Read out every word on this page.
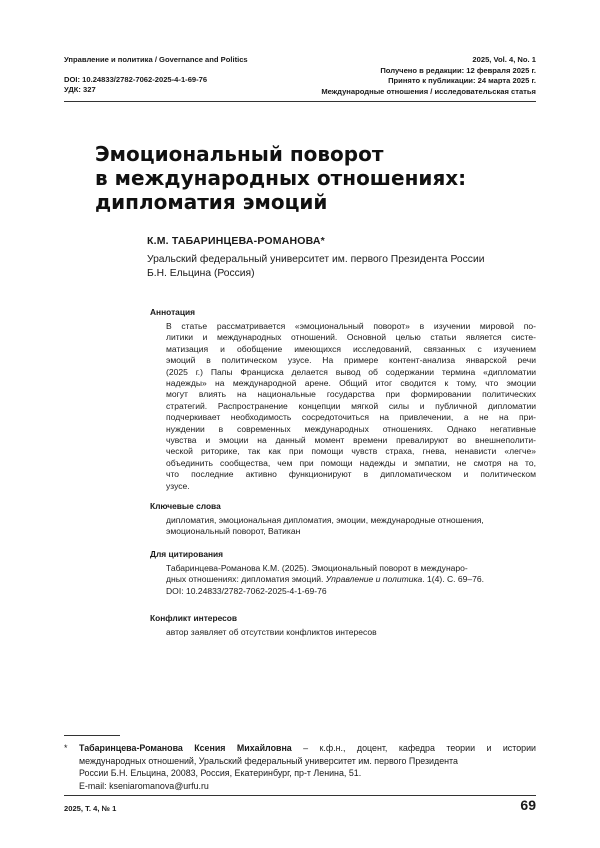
Управление и политика / Governance and Politics
DOI: 10.24833/2782-7062-2025-4-1-69-76
УДК: 327
2025, Vol. 4, No. 1
Получено в редакции: 12 февраля 2025 г.
Принято к публикации: 24 марта 2025 г.
Международные отношения / исследовательская статья
Эмоциональный поворот
в международных отношениях:
дипломатия эмоций
К.М. ТАБАРИНЦЕВА-РОМАНОВА*
Уральский федеральный университет им. первого Президента России
Б.Н. Ельцина (Россия)
Аннотация
В статье рассматривается «эмоциональный поворот» в изучении мировой по-
литики и международных отношений. Основной целью статьи является систе-
матизация и обобщение имеющихся исследований, связанных с изучением
эмоций в политическом узусе. На примере контент-анализа январской речи
(2025 г.) Папы Франциска делается вывод об содержании термина «дипломатии
надежды» на международной арене. Общий итог сводится к тому, что эмоции
могут влиять на национальные государства при формировании политических
стратегий. Распространение концепции мягкой силы и публичной дипломатии
подчеркивает необходимость сосредоточиться на привлечении, а не на при-
нуждении в современных международных отношениях. Однако негативные
чувства и эмоции на данный момент времени превалируют во внешнеполити-
ческой риторике, так как при помощи чувств страха, гнева, ненависти «легче»
объединить сообщества, чем при помощи надежды и эмпатии, не смотря на то,
что последние активно функционируют в дипломатическом и политическом
узусе.
Ключевые слова
дипломатия, эмоциональная дипломатия, эмоции, международные отношения,
эмоциональный поворот, Ватикан
Для цитирования
Табаринцева-Романова К.М. (2025). Эмоциональный поворот в междунаро-
дных отношениях: дипломатия эмоций. Управление и политика. 1(4). С. 69–76.
DOI: 10.24833/2782-7062-2025-4-1-69-76
Конфликт интересов
автор заявляет об отсутствии конфликтов интересов
* Табаринцева-Романова Ксения Михайловна – к.ф.н., доцент, кафедра теории и истории
международных отношений, Уральский федеральный университет им. первого Президента
России Б.Н. Ельцина, 20083, Россия, Екатеринбург, пр-т Ленина, 51.
E-mail: kseniaromanova@urfu.ru
2025, Т. 4, № 1	69
